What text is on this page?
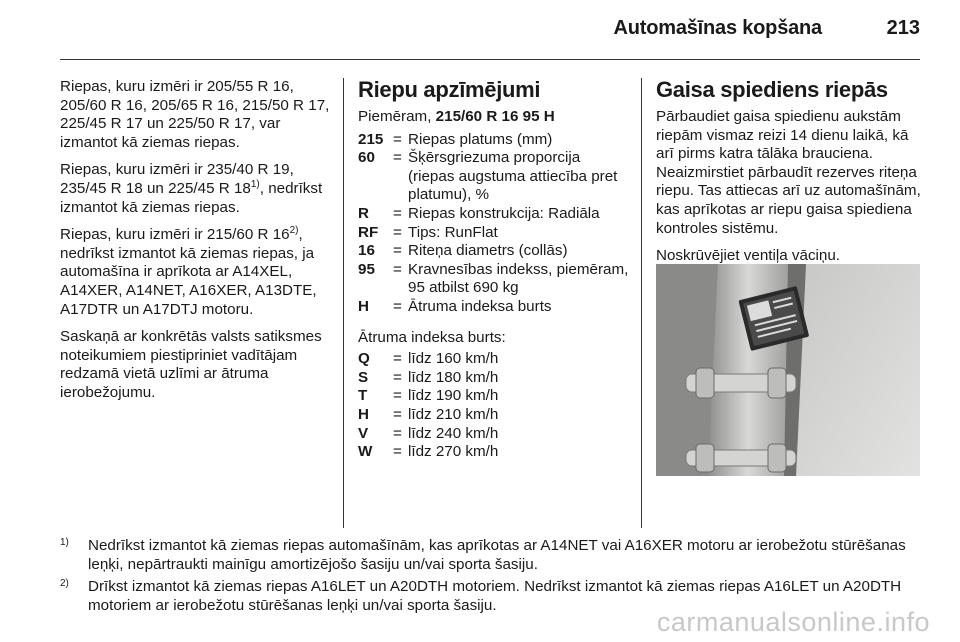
Automašīnas kopšana	213

Riepas, kuru izmēri ir 205/55 R 16, 205/60 R 16, 205/65 R 16, 215/50 R 17, 225/45 R 17 un 225/50 R 17, var izmantot kā ziemas riepas.

Riepas, kuru izmēri ir 235/40 R 19, 235/45 R 18 un 225/45 R 18$^{1)}$, nedrīkst izmantot kā ziemas riepas.

Riepas, kuru izmēri ir 215/60 R 16$^{2)}$, nedrīkst izmantot kā ziemas riepas, ja automašīna ir aprīkota ar A14XEL, A14XER, A14NET, A16XER, A13DTE, A17DTR un A17DTJ motoru.

Saskaņā ar konkrētās valsts satiksmes noteikumiem piestipriniet vadītājam redzamā vietā uzlīmi ar ātruma ierobežojumu.

Riepu apzīmējumi

Piemēram, 215/60 R 16 95 H

215 = Riepas platums (mm)
60	= Šķērsgriezuma proporcija (riepas augstuma attiecība pret platumu), %
R	= Riepas konstrukcija: Radiāla
RF = Tips: RunFlat
16	= Riteņa diametrs (collās)
95	= Kravnesības indekss, piemēram, 95 atbilst 690 kg
H	= Ātruma indeksa burts

Ātruma indeksa burts:

Q	= līdz 160 km/h
S	= līdz 180 km/h
T	= līdz 190 km/h
H	= līdz 210 km/h
V	= līdz 240 km/h
W	= līdz 270 km/h
Gaisa spiediens riepās

Pārbaudiet gaisa spiedienu aukstām riepām vismaz reizi 14 dienu laikā, kā arī pirms katra tālāka brauciena. Neaizmirstiet pārbaudīt rezerves riteņa riepu. Tas attiecas arī uz automašīnām, kas aprīkotas ar riepu gaisa spiediena kontroles sistēmu.

Noskrūvējiet ventiļa vāciņu.

1) Nedrīkst izmantot kā ziemas riepas automašīnām, kas aprīkotas ar A14NET vai A16XER motoru ar ierobežotu stūrēšanas leņķi, nepārtraukti mainīgu amortizējošo šasiju un/vai sporta šasiju.
2) Drīkst izmantot kā ziemas riepas A16LET un A20DTH motoriem. Nedrīkst izmantot kā ziemas riepas A16LET un A20DTH motoriem ar ierobežotu stūrēšanas leņķi un/vai sporta šasiju.
carmanualsonline.info
